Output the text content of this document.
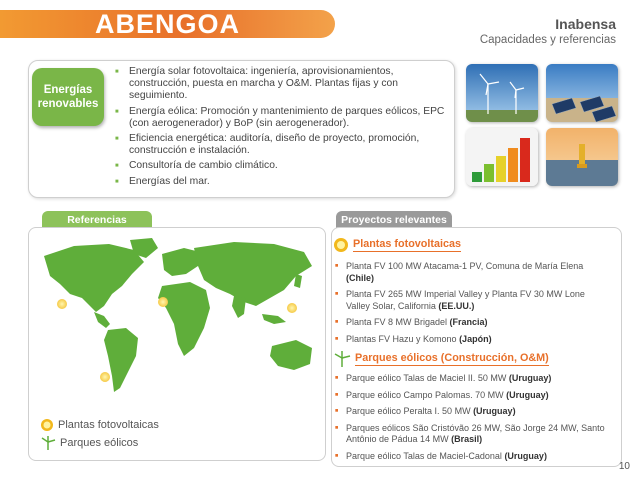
ABENGOA	Inabensa
Capacidades y referencias
Energías renovables
■ Energía solar fotovoltaica: ingeniería, aprovisionamientos, construcción, puesta en marcha y O&M. Plantas fijas y con seguimiento.
■ Energía eólica: Promoción y mantenimiento de parques eólicos, EPC (con aerogenerador) y BoP (sin aerogenerador).
■ Eficiencia energética: auditoría, diseño de proyecto, promoción, construcción e instalación.
■ Consultoría de cambio climático.
■ Energías del mar.
Referencias	Proyectos relevantes
Plantas fotovoltaicas
Parques eólicos
Plantas fotovoltaicas
■ Planta FV 100 MW Atacama-1 PV, Comuna de María Elena (Chile)
■ Planta FV 265 MW Imperial Valley y Planta FV 30 MW Lone Valley Solar, California (EE.UU.)
■ Planta FV 8 MW Brigadel (Francia)
■ Plantas FV Hazu y Komono (Japón)
Parques eólicos (Construcción, O&M)
■ Parque eólico Talas de Maciel II. 50 MW (Uruguay)
■ Parque eólico Campo Palomas. 70 MW (Uruguay)
■ Parque eólico Peralta I. 50 MW (Uruguay)
■ Parques eólicos São Cristóvão 26 MW, São Jorge 24 MW, Santo Antônio de Pádua 14 MW (Brasil)
■ Parque eólico Talas de Maciel-Cadonal (Uruguay)
10
